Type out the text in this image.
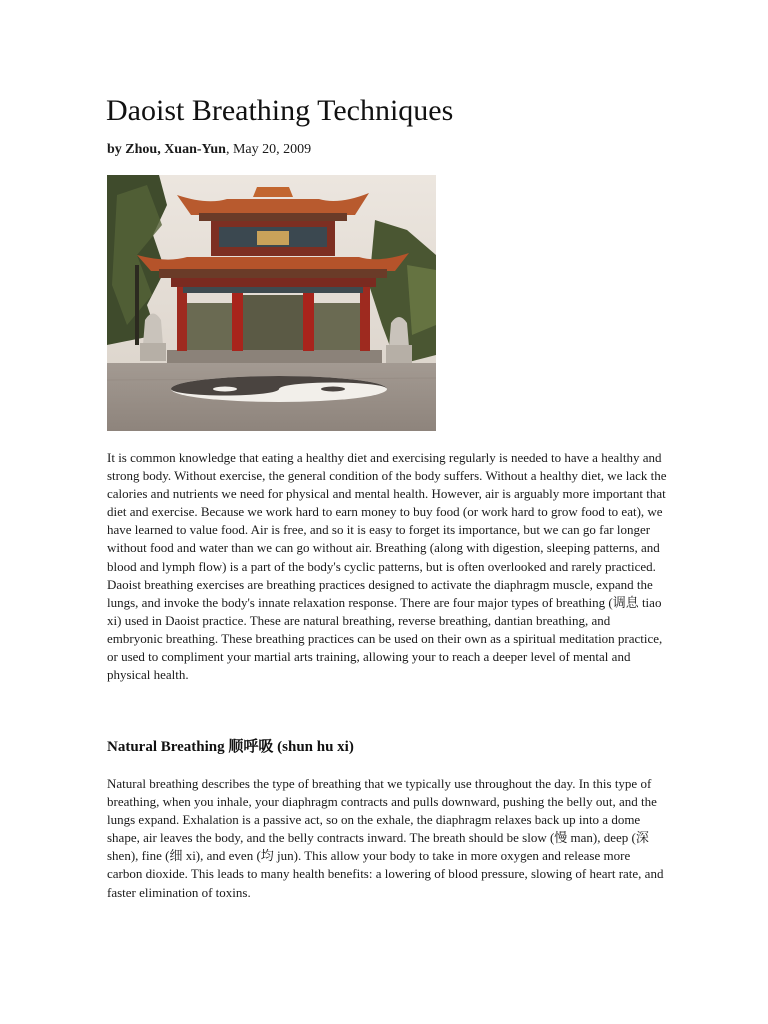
Daoist Breathing Techniques
by Zhou, Xuan-Yun, May 20, 2009

It is common knowledge that eating a healthy diet and exercising regularly is needed to have a healthy and strong body. Without exercise, the general condition of the body suffers. Without a healthy diet, we lack the calories and nutrients we need for physical and mental health. However, air is arguably more important that diet and exercise. Because we work hard to earn money to buy food (or work hard to grow food to eat), we have learned to value food. Air is free, and so it is easy to forget its importance, but we can go far longer without food and water than we can go without air. Breathing (along with digestion, sleeping patterns, and blood and lymph flow) is a part of the body's cyclic patterns, but is often overlooked and rarely practiced. Daoist breathing exercises are breathing practices designed to activate the diaphragm muscle, expand the lungs, and invoke the body's innate relaxation response. There are four major types of breathing (调息 tiao xi) used in Daoist practice. These are natural breathing, reverse breathing, dantian breathing, and embryonic breathing. These breathing practices can be used on their own as a spiritual meditation practice, or used to compliment your martial arts training, allowing your to reach a deeper level of mental and physical health.

Natural Breathing 顺呼吸 (shun hu xi)

Natural breathing describes the type of breathing that we typically use throughout the day. In this type of breathing, when you inhale, your diaphragm contracts and pulls downward, pushing the belly out, and the lungs expand. Exhalation is a passive act, so on the exhale, the diaphragm relaxes back up into a dome shape, air leaves the body, and the belly contracts inward. The breath should be slow (慢 man), deep (深 shen), fine (细 xi), and even (均 jun). This allow your body to take in more oxygen and release more carbon dioxide. This leads to many health benefits: a lowering of blood pressure, slowing of heart rate, and faster elimination of toxins.
